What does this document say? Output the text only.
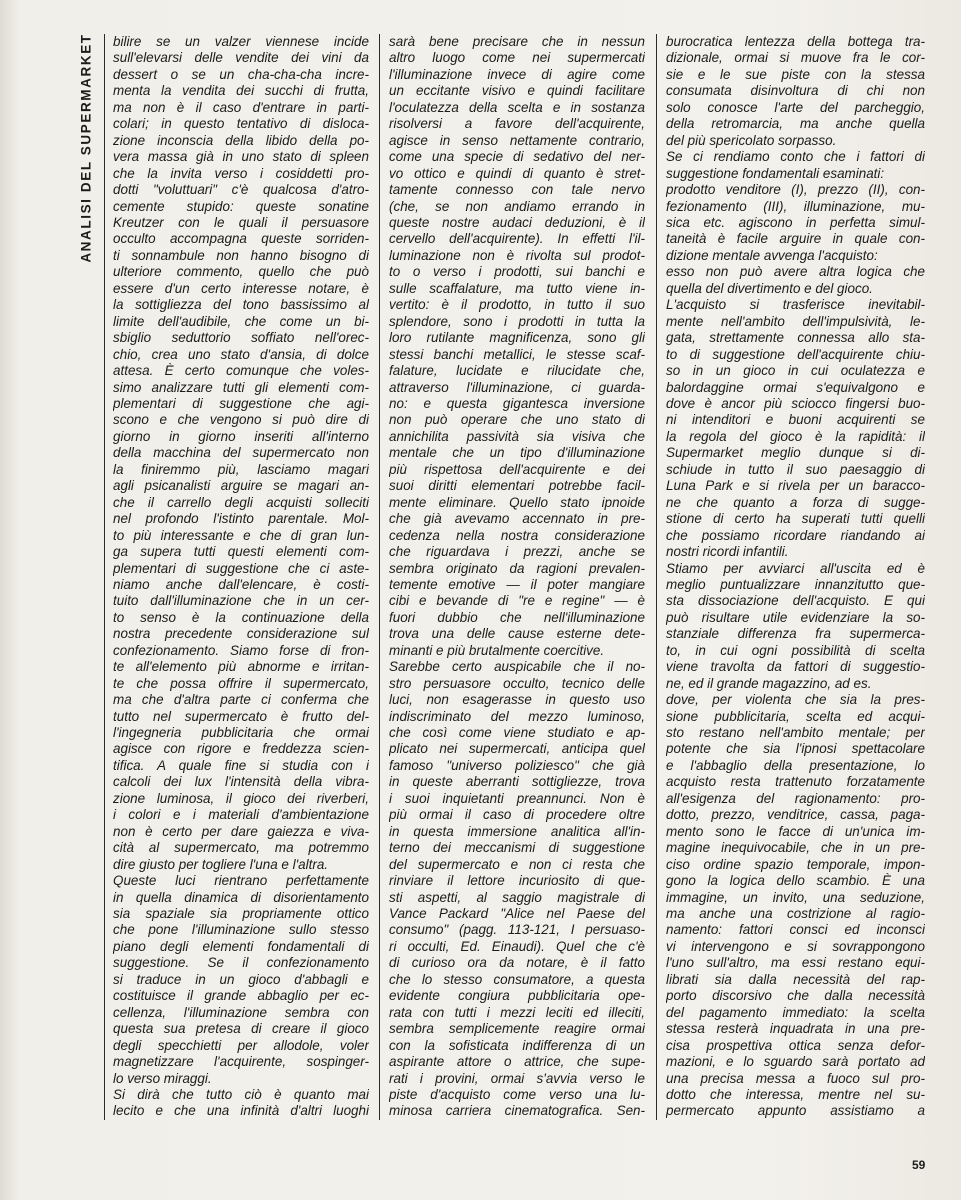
ANALISI DEL SUPERMARKET bilire se un valzer viennese incide
sull'elevarsi delle vendite dei vini da
dessert o se un cha-cha-cha incre-
menta la vendita dei succhi di frutta,
ma non è il caso d'entrare in parti-
colari; in questo tentativo di disloca-
zione inconscia della libido della po-
vera massa già in uno stato di spleen
che la invita verso i cosiddetti pro-
dotti "voluttuari" c'è qualcosa d'atro-
cemente stupido: queste sonatine
Kreutzer con le quali il persuasore
occulto accompagna queste sorriden-
ti sonnambule non hanno bisogno di
ulteriore commento, quello che può
essere d'un certo interesse notare, è
la sottigliezza del tono bassissimo al
limite dell'audibile, che come un bi-
sbiglio seduttorio soffiato nell'orec-
chio, crea uno stato d'ansia, di dolce
attesa. È certo comunque che voles-
simo analizzare tutti gli elementi com-
plementari di suggestione che agi-
scono e che vengono si può dire di
giorno in giorno inseriti all'interno
della macchina del supermercato non
la finiremmo più, lasciamo magari
agli psicanalisti arguire se magari an-
che il carrello degli acquisti solleciti
nel profondo l'istinto parentale. Mol-
to più interessante e che di gran lun-
ga supera tutti questi elementi com-
plementari di suggestione che ci aste-
niamo anche dall'elencare, è costi-
tuito dall'illuminazione che in un cer-
to senso è la continuazione della
nostra precedente considerazione sul
confezionamento. Siamo forse di fron-
te all'elemento più abnorme e irritan-
te che possa offrire il supermercato,
ma che d'altra parte ci conferma che
tutto nel supermercato è frutto del-
l'ingegneria pubblicitaria che ormai
agisce con rigore e freddezza scien-
tifica. A quale fine si studia con i
calcoli dei lux l'intensità della vibra-
zione luminosa, il gioco dei riverberi,
i colori e i materiali d'ambientazione
non è certo per dare gaiezza e viva-
cità al supermercato, ma potremmo
dire giusto per togliere l'una e l'altra.
Queste luci rientrano perfettamente
in quella dinamica di disorientamento
sia spaziale sia propriamente ottico
che pone l'illuminazione sullo stesso
piano degli elementi fondamentali di
suggestione. Se il confezionamento
si traduce in un gioco d'abbagli e
costituisce il grande abbaglio per ec-
cellenza, l'illuminazione sembra con
questa sua pretesa di creare il gioco
degli specchietti per allodole, voler
magnetizzare l'acquirente, sospinger-
lo verso miraggi.
Si dirà che tutto ciò è quanto mai
lecito e che una infinità d'altri luoghi
sarà bene precisare che in nessun
altro luogo come nei supermercati
l'illuminazione invece di agire come
un eccitante visivo e quindi facilitare
l'oculatezza della scelta e in sostanza
risolversi a favore dell'acquirente,
agisce in senso nettamente contrario,
come una specie di sedativo del ner-
vo ottico e quindi di quanto è stret-
tamente connesso con tale nervo
(che, se non andiamo errando in
queste nostre audaci deduzioni, è il
cervello dell'acquirente). In effetti l'il-
luminazione non è rivolta sul prodot-
to o verso i prodotti, sui banchi e
sulle scaffalature, ma tutto viene in-
vertito: è il prodotto, in tutto il suo
splendore, sono i prodotti in tutta la
loro rutilante magnificenza, sono gli
stessi banchi metallici, le stesse scaf-
falature, lucidate e rilucidate che,
attraverso l'illuminazione, ci guarda-
no: e questa gigantesca inversione
non può operare che uno stato di
annichilita passività sia visiva che
mentale che un tipo d'illuminazione
più rispettosa dell'acquirente e dei
suoi diritti elementari potrebbe facil-
mente eliminare. Quello stato ipnoide
che già avevamo accennato in pre-
cedenza nella nostra considerazione
che riguardava i prezzi, anche se
sembra originato da ragioni prevalen-
temente emotive — il poter mangiare
cibi e bevande di "re e regine" — è
fuori dubbio che nell'illuminazione
trova una delle cause esterne dete-
minanti e più brutalmente coercitive.
Sarebbe certo auspicabile che il no-
stro persuasore occulto, tecnico delle
luci, non esagerasse in questo uso
indiscriminato del mezzo luminoso,
che così come viene studiato e ap-
plicato nei supermercati, anticipa quel
famoso "universo poliziesco" che già
in queste aberranti sottigliezze, trova
i suoi inquietanti preannunci. Non è
più ormai il caso di procedere oltre
in questa immersione analitica all'in-
terno dei meccanismi di suggestione
del supermercato e non ci resta che
rinviare il lettore incuriosito di que-
sti aspetti, al saggio magistrale di
Vance Packard "Alice nel Paese del
consumo" (pagg. 113-121, I persuaso-
ri occulti, Ed. Einaudi). Quel che c'è
di curioso ora da notare, è il fatto
che lo stesso consumatore, a questa
evidente congiura pubblicitaria ope-
rata con tutti i mezzi leciti ed illeciti,
sembra semplicemente reagire ormai
con la sofisticata indifferenza di un
aspirante attore o attrice, che supe-
rati i provini, ormai s'avvia verso le
piste d'acquisto come verso una lu-
minosa carriera cinematografica. Sen-
burocratica lentezza della bottega tra-
dizionale, ormai si muove fra le cor-
sie e le sue piste con la stessa
consumata disinvoltura di chi non
solo conosce l'arte del parcheggio,
della retromarcia, ma anche quella
del più spericolato sorpasso.
Se ci rendiamo conto che i fattori di
suggestione fondamentali esaminati:
prodotto venditore (I), prezzo (II), con-
fezionamento (III), illuminazione, mu-
sica etc. agiscono in perfetta simul-
taneità è facile arguire in quale con-
dizione mentale avvenga l'acquisto:
esso non può avere altra logica che
quella del divertimento e del gioco.
L'acquisto si trasferisce inevitabil-
mente nell'ambito dell'impulsività, le-
gata, strettamente connessa allo sta-
to di suggestione dell'acquirente chiu-
so in un gioco in cui oculatezza e
balordaggine ormai s'equivalgono e
dove è ancor più sciocco fingersi buo-
ni intenditori e buoni acquirenti se
la regola del gioco è la rapidità: il
Supermarket meglio dunque si di-
schiude in tutto il suo paesaggio di
Luna Park e si rivela per un baracco-
ne che quanto a forza di sugge-
stione di certo ha superati tutti quelli
che possiamo ricordare riandando ai
nostri ricordi infantili.
Stiamo per avviarci all'uscita ed è
meglio puntualizzare innanzitutto que-
sta dissociazione dell'acquisto. E qui
può risultare utile evidenziare la so-
stanziale differenza fra supermerca-
to, in cui ogni possibilità di scelta
viene travolta da fattori di suggestio-
ne, ed il grande magazzino, ad es.
dove, per violenta che sia la pres-
sione pubblicitaria, scelta ed acqui-
sto restano nell'ambito mentale; per
potente che sia l'ipnosi spettacolare
e l'abbaglio della presentazione, lo
acquisto resta trattenuto forzatamente
all'esigenza del ragionamento: pro-
dotto, prezzo, venditrice, cassa, paga-
mento sono le facce di un'unica im-
magine inequivocabile, che in un pre-
ciso ordine spazio temporale, impon-
gono la logica dello scambio. È una
immagine, un invito, una seduzione,
ma anche una costrizione al ragio-
namento: fattori consci ed inconsci
vi intervengono e si sovrappongono
l'uno sull'altro, ma essi restano equi-
librati sia dalla necessità del rap-
porto discorsivo che dalla necessità
del pagamento immediato: la scelta
stessa resterà inquadrata in una pre-
cisa prospettiva ottica senza defor-
mazioni, e lo sguardo sarà portato ad
una precisa messa a fuoco sul pro-
dotto che interessa, mentre nel su-
permercato appunto assistiamo a
59
